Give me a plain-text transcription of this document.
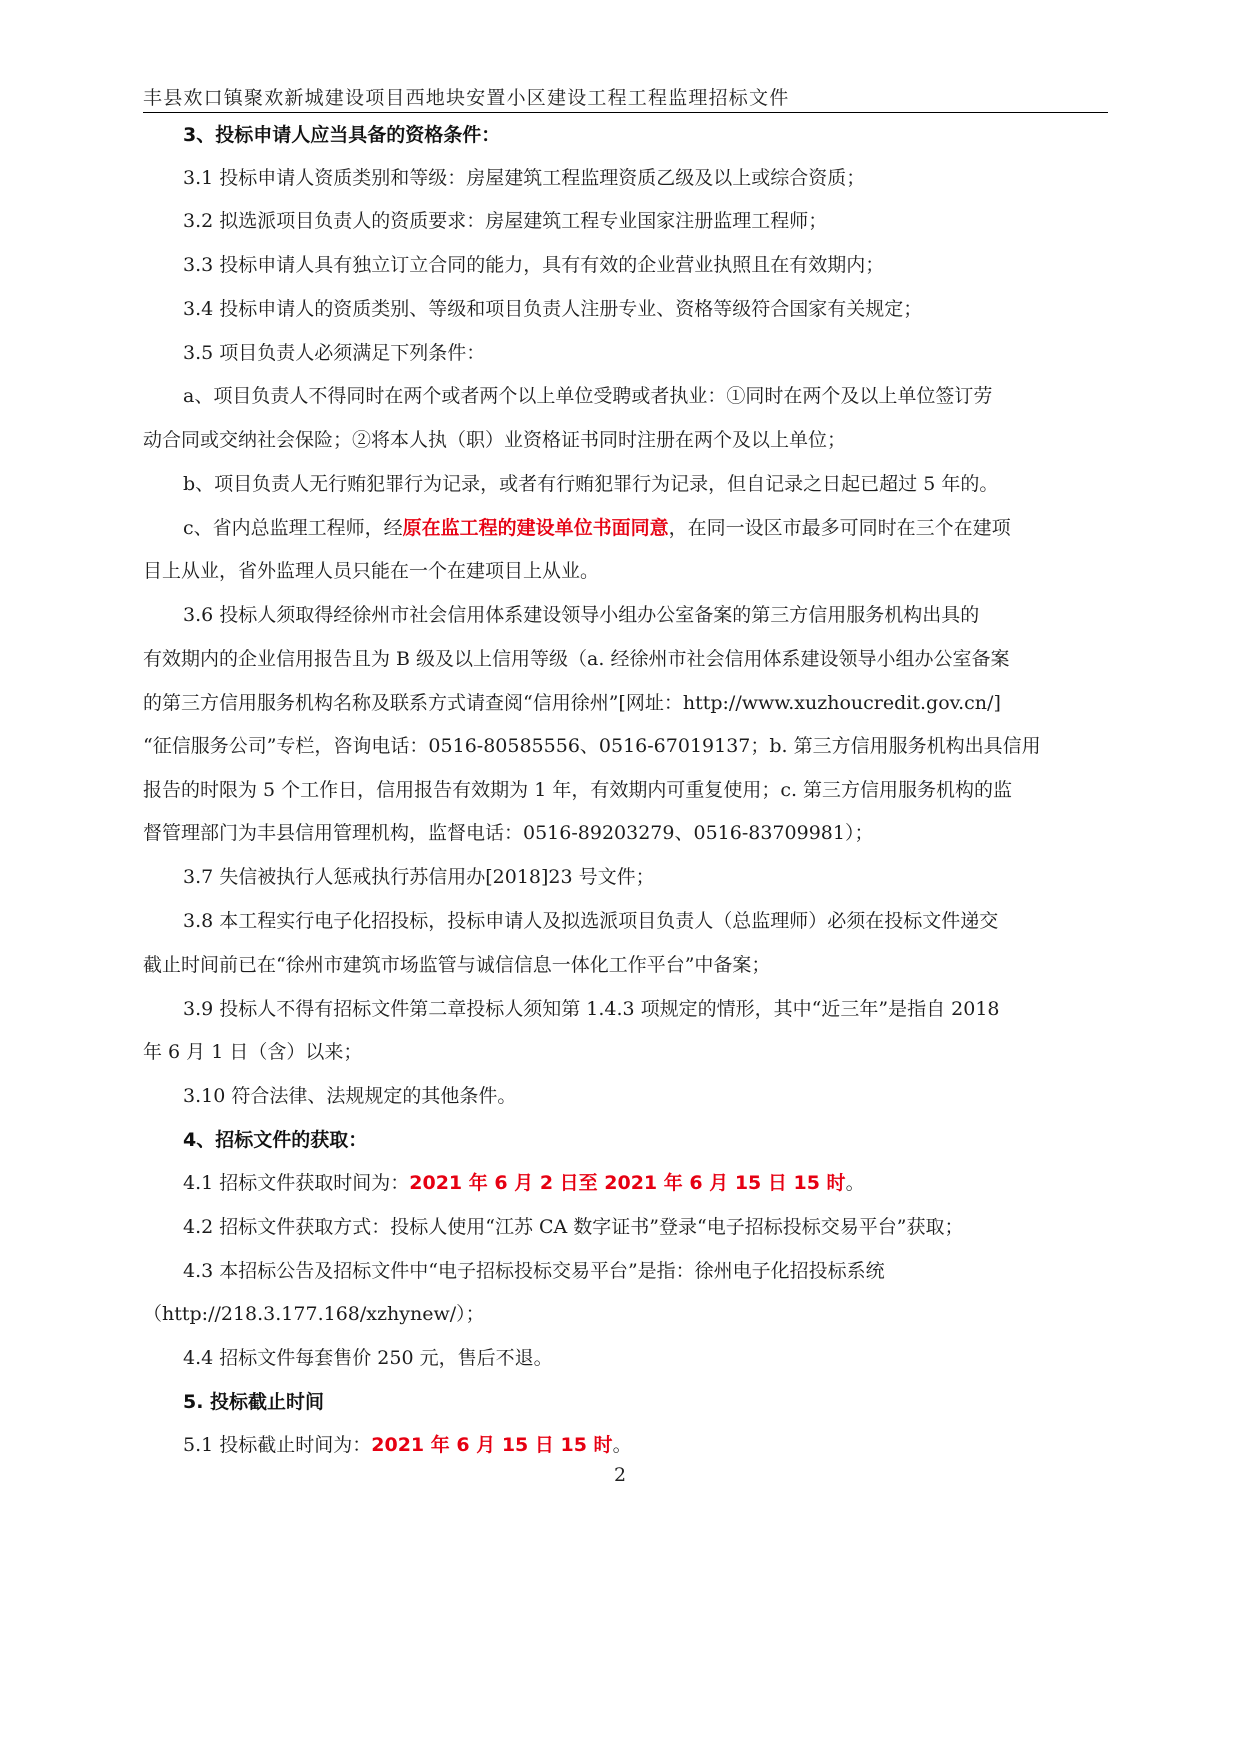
丰县欢口镇聚欢新城建设项目西地块安置小区建设工程工程监理招标文件
3、投标申请人应当具备的资格条件：
3.1 投标申请人资质类别和等级：房屋建筑工程监理资质乙级及以上或综合资质；
3.2 拟选派项目负责人的资质要求：房屋建筑工程专业国家注册监理工程师；
3.3 投标申请人具有独立订立合同的能力，具有有效的企业营业执照且在有效期内；
3.4 投标申请人的资质类别、等级和项目负责人注册专业、资格等级符合国家有关规定；
3.5 项目负责人必须满足下列条件：
a、项目负责人不得同时在两个或者两个以上单位受聘或者执业：①同时在两个及以上单位签订劳
动合同或交纳社会保险；②将本人执（职）业资格证书同时注册在两个及以上单位；
b、项目负责人无行贿犯罪行为记录，或者有行贿犯罪行为记录，但自记录之日起已超过 5 年的。
c、省内总监理工程师，经原在监工程的建设单位书面同意，在同一设区市最多可同时在三个在建项
目上从业，省外监理人员只能在一个在建项目上从业。
3.6 投标人须取得经徐州市社会信用体系建设领导小组办公室备案的第三方信用服务机构出具的
有效期内的企业信用报告且为 B 级及以上信用等级（a. 经徐州市社会信用体系建设领导小组办公室备案
的第三方信用服务机构名称及联系方式请查阅“信用徐州”[网址：http://www.xuzhoucredit.gov.cn/]
“征信服务公司”专栏，咨询电话：0516-80585556、0516-67019137；b. 第三方信用服务机构出具信用
报告的时限为 5 个工作日，信用报告有效期为 1 年，有效期内可重复使用；c. 第三方信用服务机构的监
督管理部门为丰县信用管理机构，监督电话：0516-89203279、0516-83709981）；
3.7 失信被执行人惩戒执行苏信用办[2018]23 号文件；
3.8 本工程实行电子化招投标，投标申请人及拟选派项目负责人（总监理师）必须在投标文件递交
截止时间前已在“徐州市建筑市场监管与诚信信息一体化工作平台”中备案；
3.9 投标人不得有招标文件第二章投标人须知第 1.4.3 项规定的情形，其中“近三年”是指自 2018
年 6 月 1 日（含）以来；
3.10 符合法律、法规规定的其他条件。
4、招标文件的获取：
4.1 招标文件获取时间为：2021 年 6 月 2 日至 2021 年 6 月 15 日 15 时。
4.2 招标文件获取方式：投标人使用“江苏 CA 数字证书”登录“电子招标投标交易平台”获取；
4.3 本招标公告及招标文件中“电子招标投标交易平台”是指：徐州电子化招投标系统
（http://218.3.177.168/xzhynew/）；
4.4 招标文件每套售价 250 元，售后不退。
5. 投标截止时间
5.1 投标截止时间为：2021 年 6 月 15 日 15 时。
2
